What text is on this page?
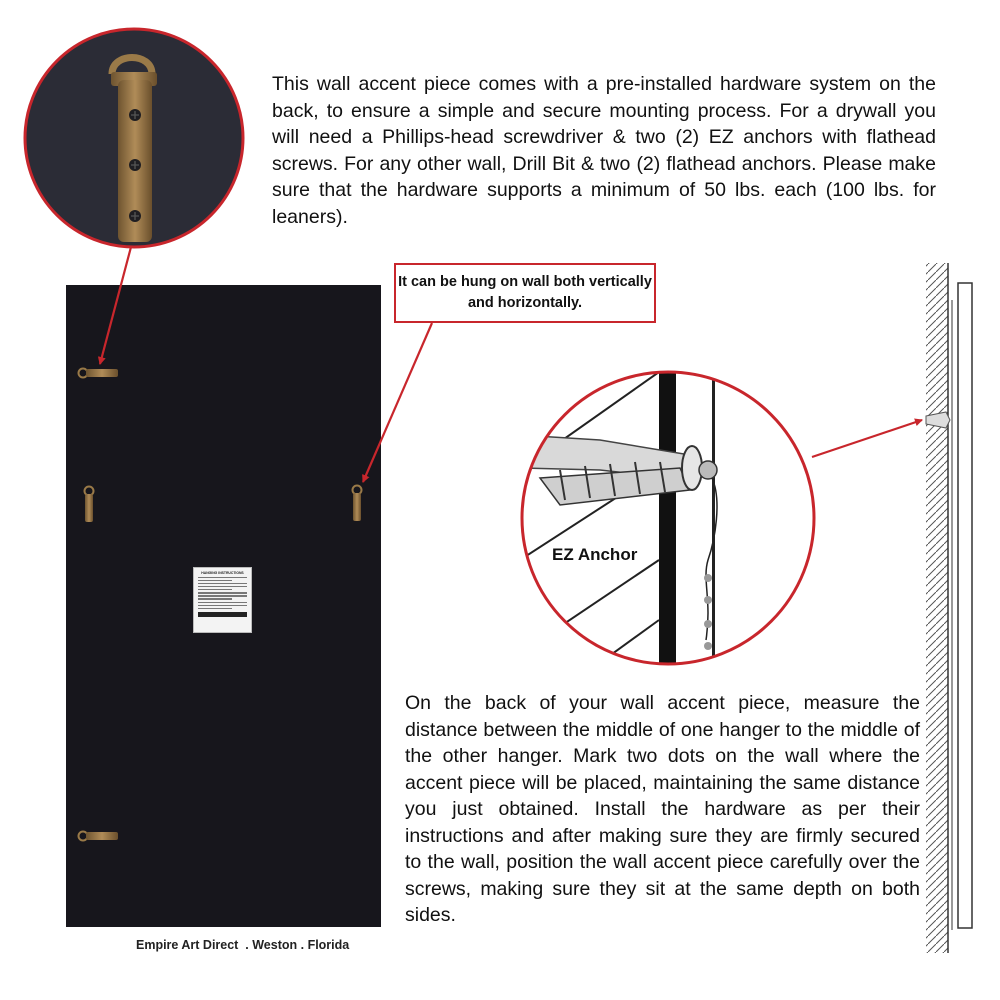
HANGING INSTRUCTIONS
This wall accent piece comes with a pre-installed hardware system on the back, to ensure a simple and secure mounting process. For a drywall you will need a Phillips-head screwdriver & two (2) EZ anchors with flathead screws. For any other wall, Drill Bit & two (2) flathead anchors. Please make sure that the hardware supports a minimum of 50 lbs. each (100 lbs. for leaners).
It can be hung on wall both vertically and horizontally.
EZ Anchor
On the back of your wall accent piece, measure the distance between the middle of one hanger to the middle of the other hanger. Mark two dots on the wall where the accent piece will be placed, maintaining the same distance you just obtained. Install the hardware as per their instructions and after making sure they are firmly secured to the wall, position the wall accent piece carefully over the screws, making sure they sit at the same depth on both sides.
Empire Art Direct  . Weston . Florida
